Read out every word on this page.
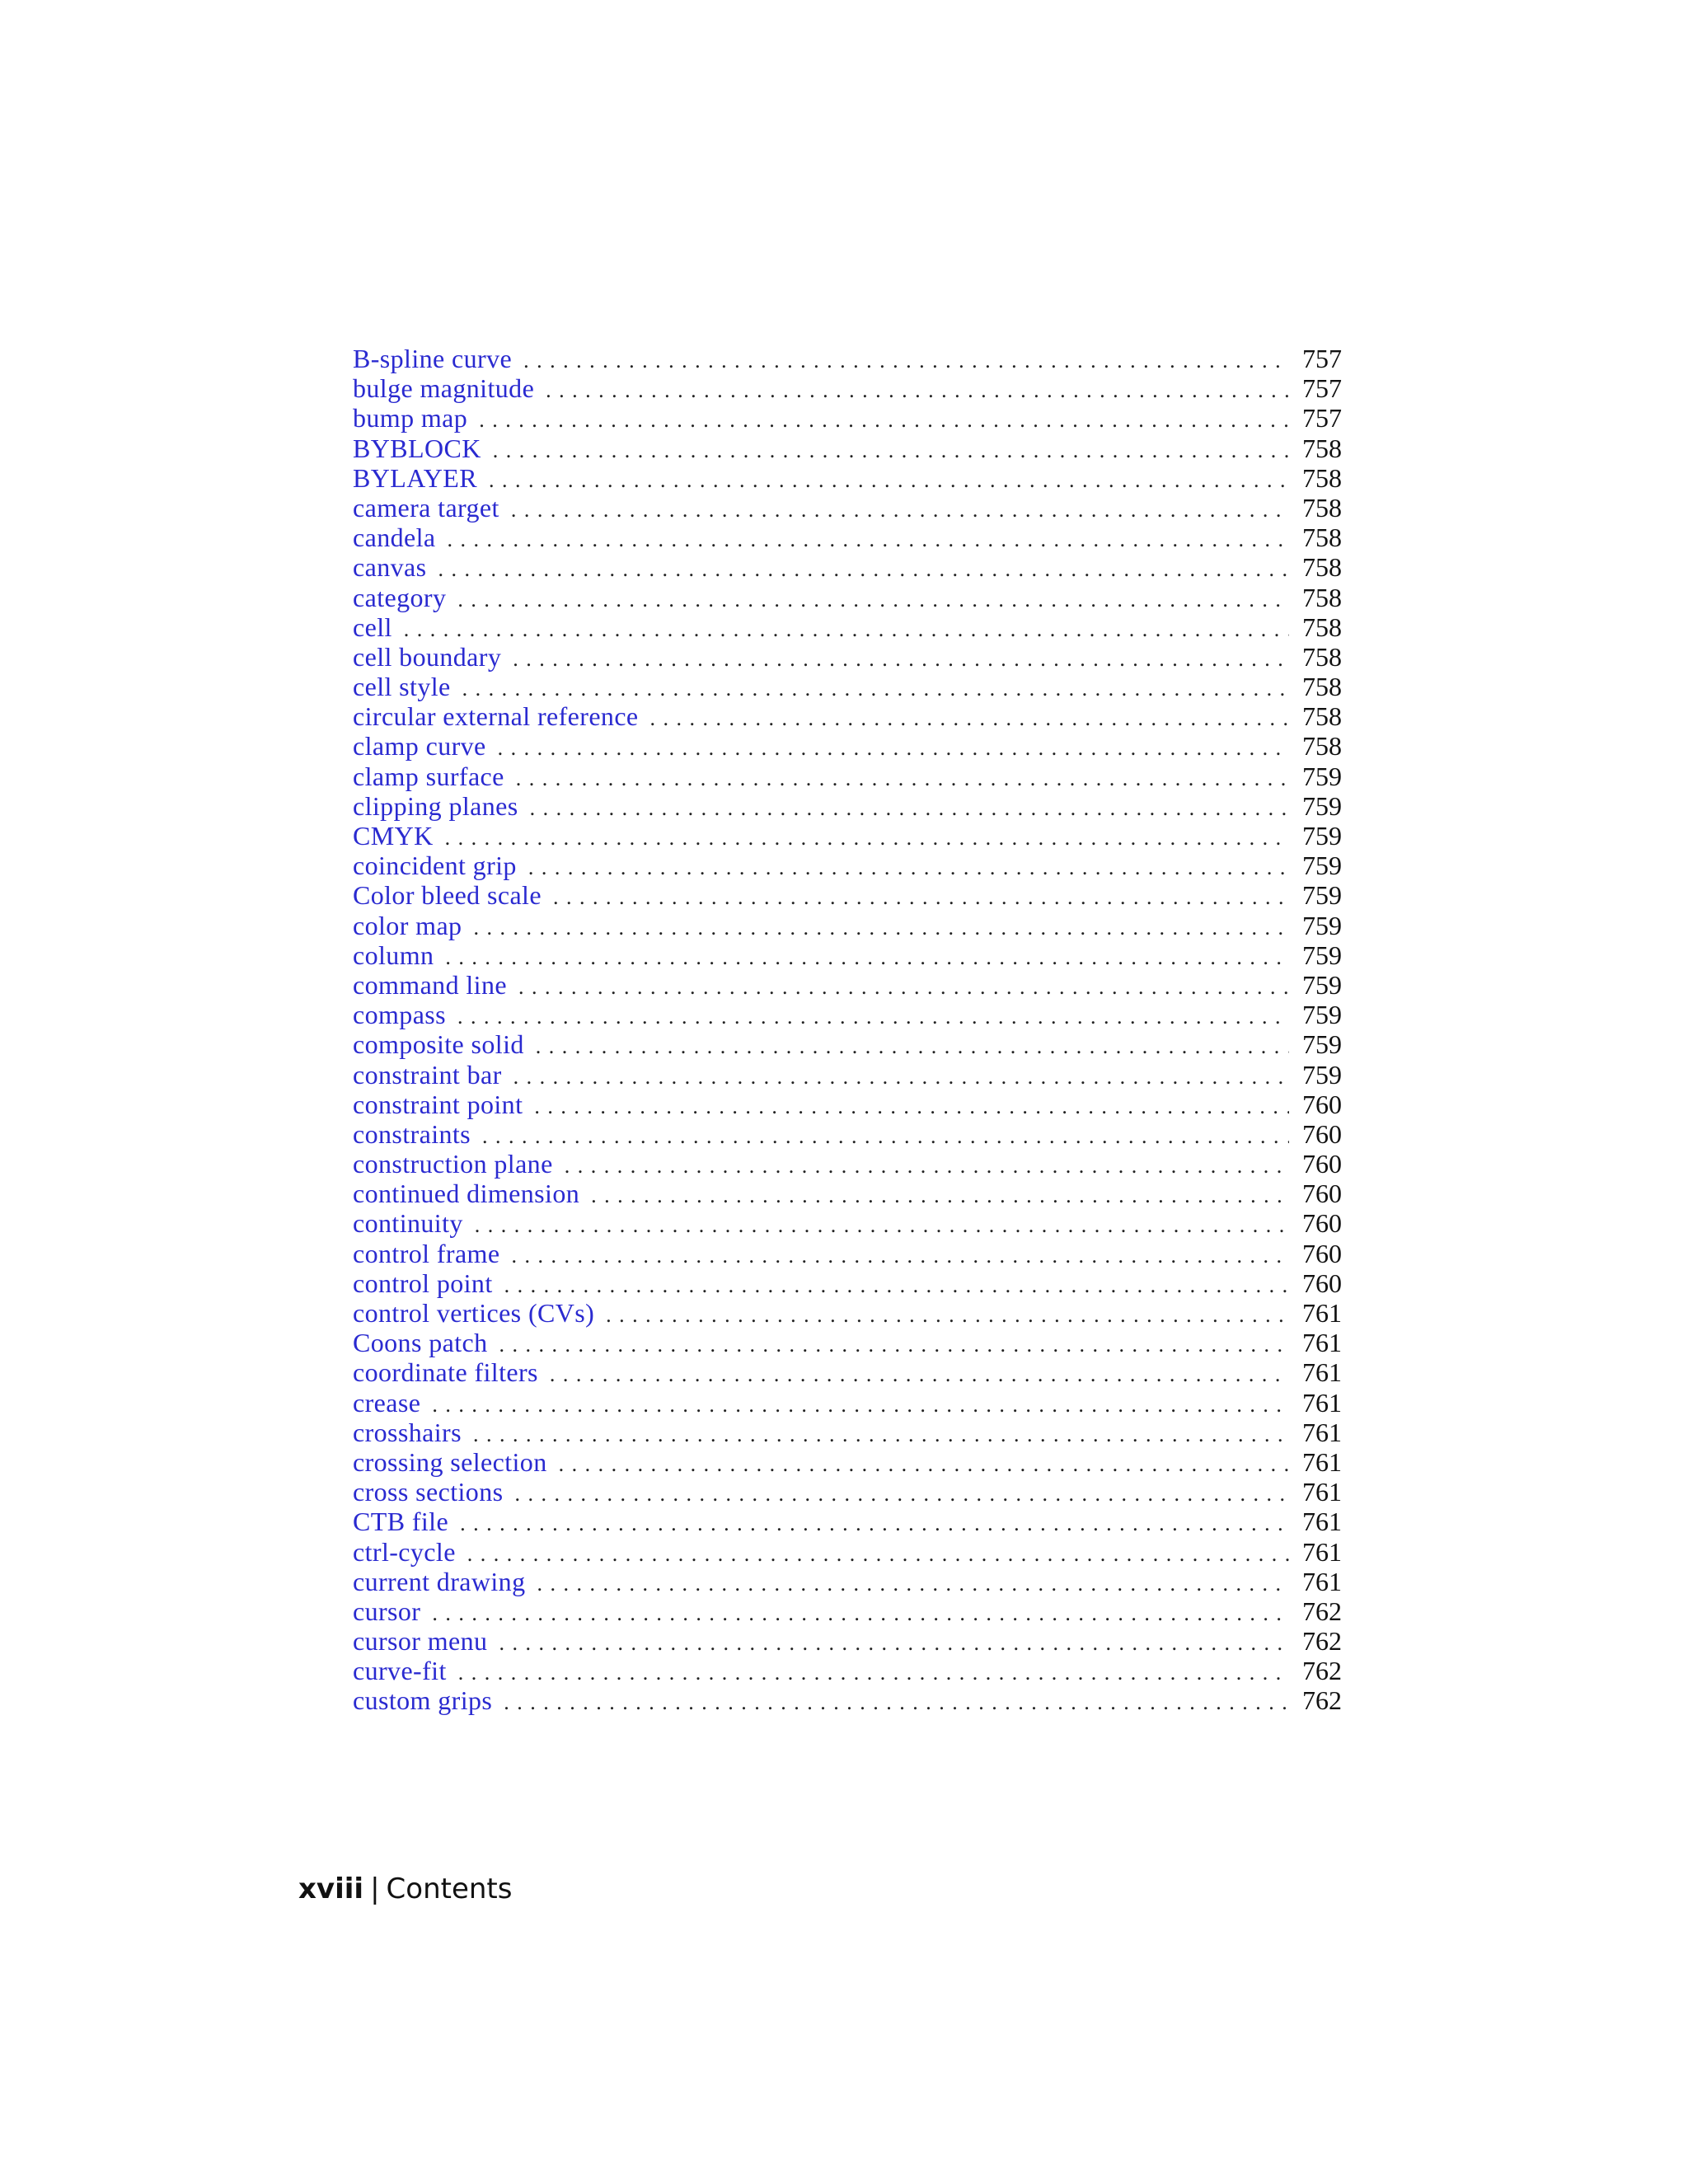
B-spline curve . . .	757
bulge magnitude . . .	757
bump map . . .	757
BYBLOCK . . .	758
BYLAYER . . .	758
camera target . . .	758
candela . . .	758
canvas . . .	758
category . . .	758
cell . . .	758
cell boundary . . .	758
cell style . . .	758
circular external reference . . .	758
clamp curve . . .	758
clamp surface . . .	759
clipping planes . . .	759
CMYK . . .	759
coincident grip . . .	759
Color bleed scale . . .	759
color map . . .	759
column . . .	759
command line . . .	759
compass . . .	759
composite solid . . .	759
constraint bar . . .	759
constraint point . . .	760
constraints . . .	760
construction plane . . .	760
continued dimension . . .	760
continuity . . .	760
control frame . . .	760
control point . . .	760
control vertices (CVs) . . .	761
Coons patch . . .	761
coordinate filters . . .	761
crease . . .	761
crosshairs . . .	761
crossing selection . . .	761
cross sections . . .	761
CTB file . . .	761
ctrl-cycle . . .	761
current drawing . . .	761
cursor . . .	762
cursor menu . . .	762
curve-fit . . .	762
custom grips . . .	762
xviii | Contents
